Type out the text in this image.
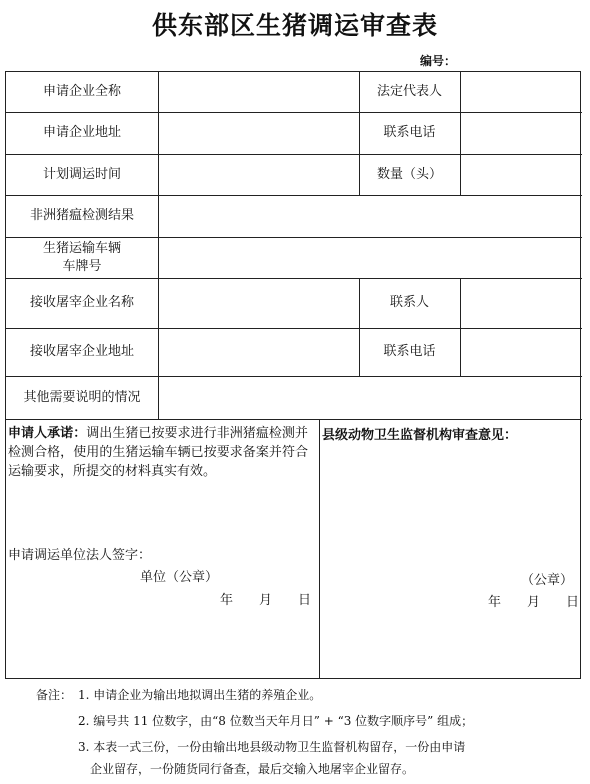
供东部区生猪调运审查表
编号：
申请企业全称	法定代表人
申请企业地址	联系电话
计划调运时间	数量（头）
非洲猪瘟检测结果
生猪运输车辆
车牌号
接收屠宰企业名称	联系人
接收屠宰企业地址	联系电话
其他需要说明的情况
申请人承诺：调出生猪已按要求进行非洲猪瘟检测并检测合格，使用的生猪运输车辆已按要求备案并符合运输要求，所提交的材料真实有效。
申请调运单位法人签字：
单位（公章）
年　　月　　日
县级动物卫生监督机构审查意见：
（公章）
年　　月　　日
备注： 1. 申请企业为输出地拟调出生猪的养殖企业。
2. 编号共 11 位数字，由“8 位数当天年月日” + “3 位数字顺序号” 组成；
3. 本表一式三份，一份由输出地县级动物卫生监督机构留存，一份由申请
企业留存，一份随货同行备查，最后交输入地屠宰企业留存。
